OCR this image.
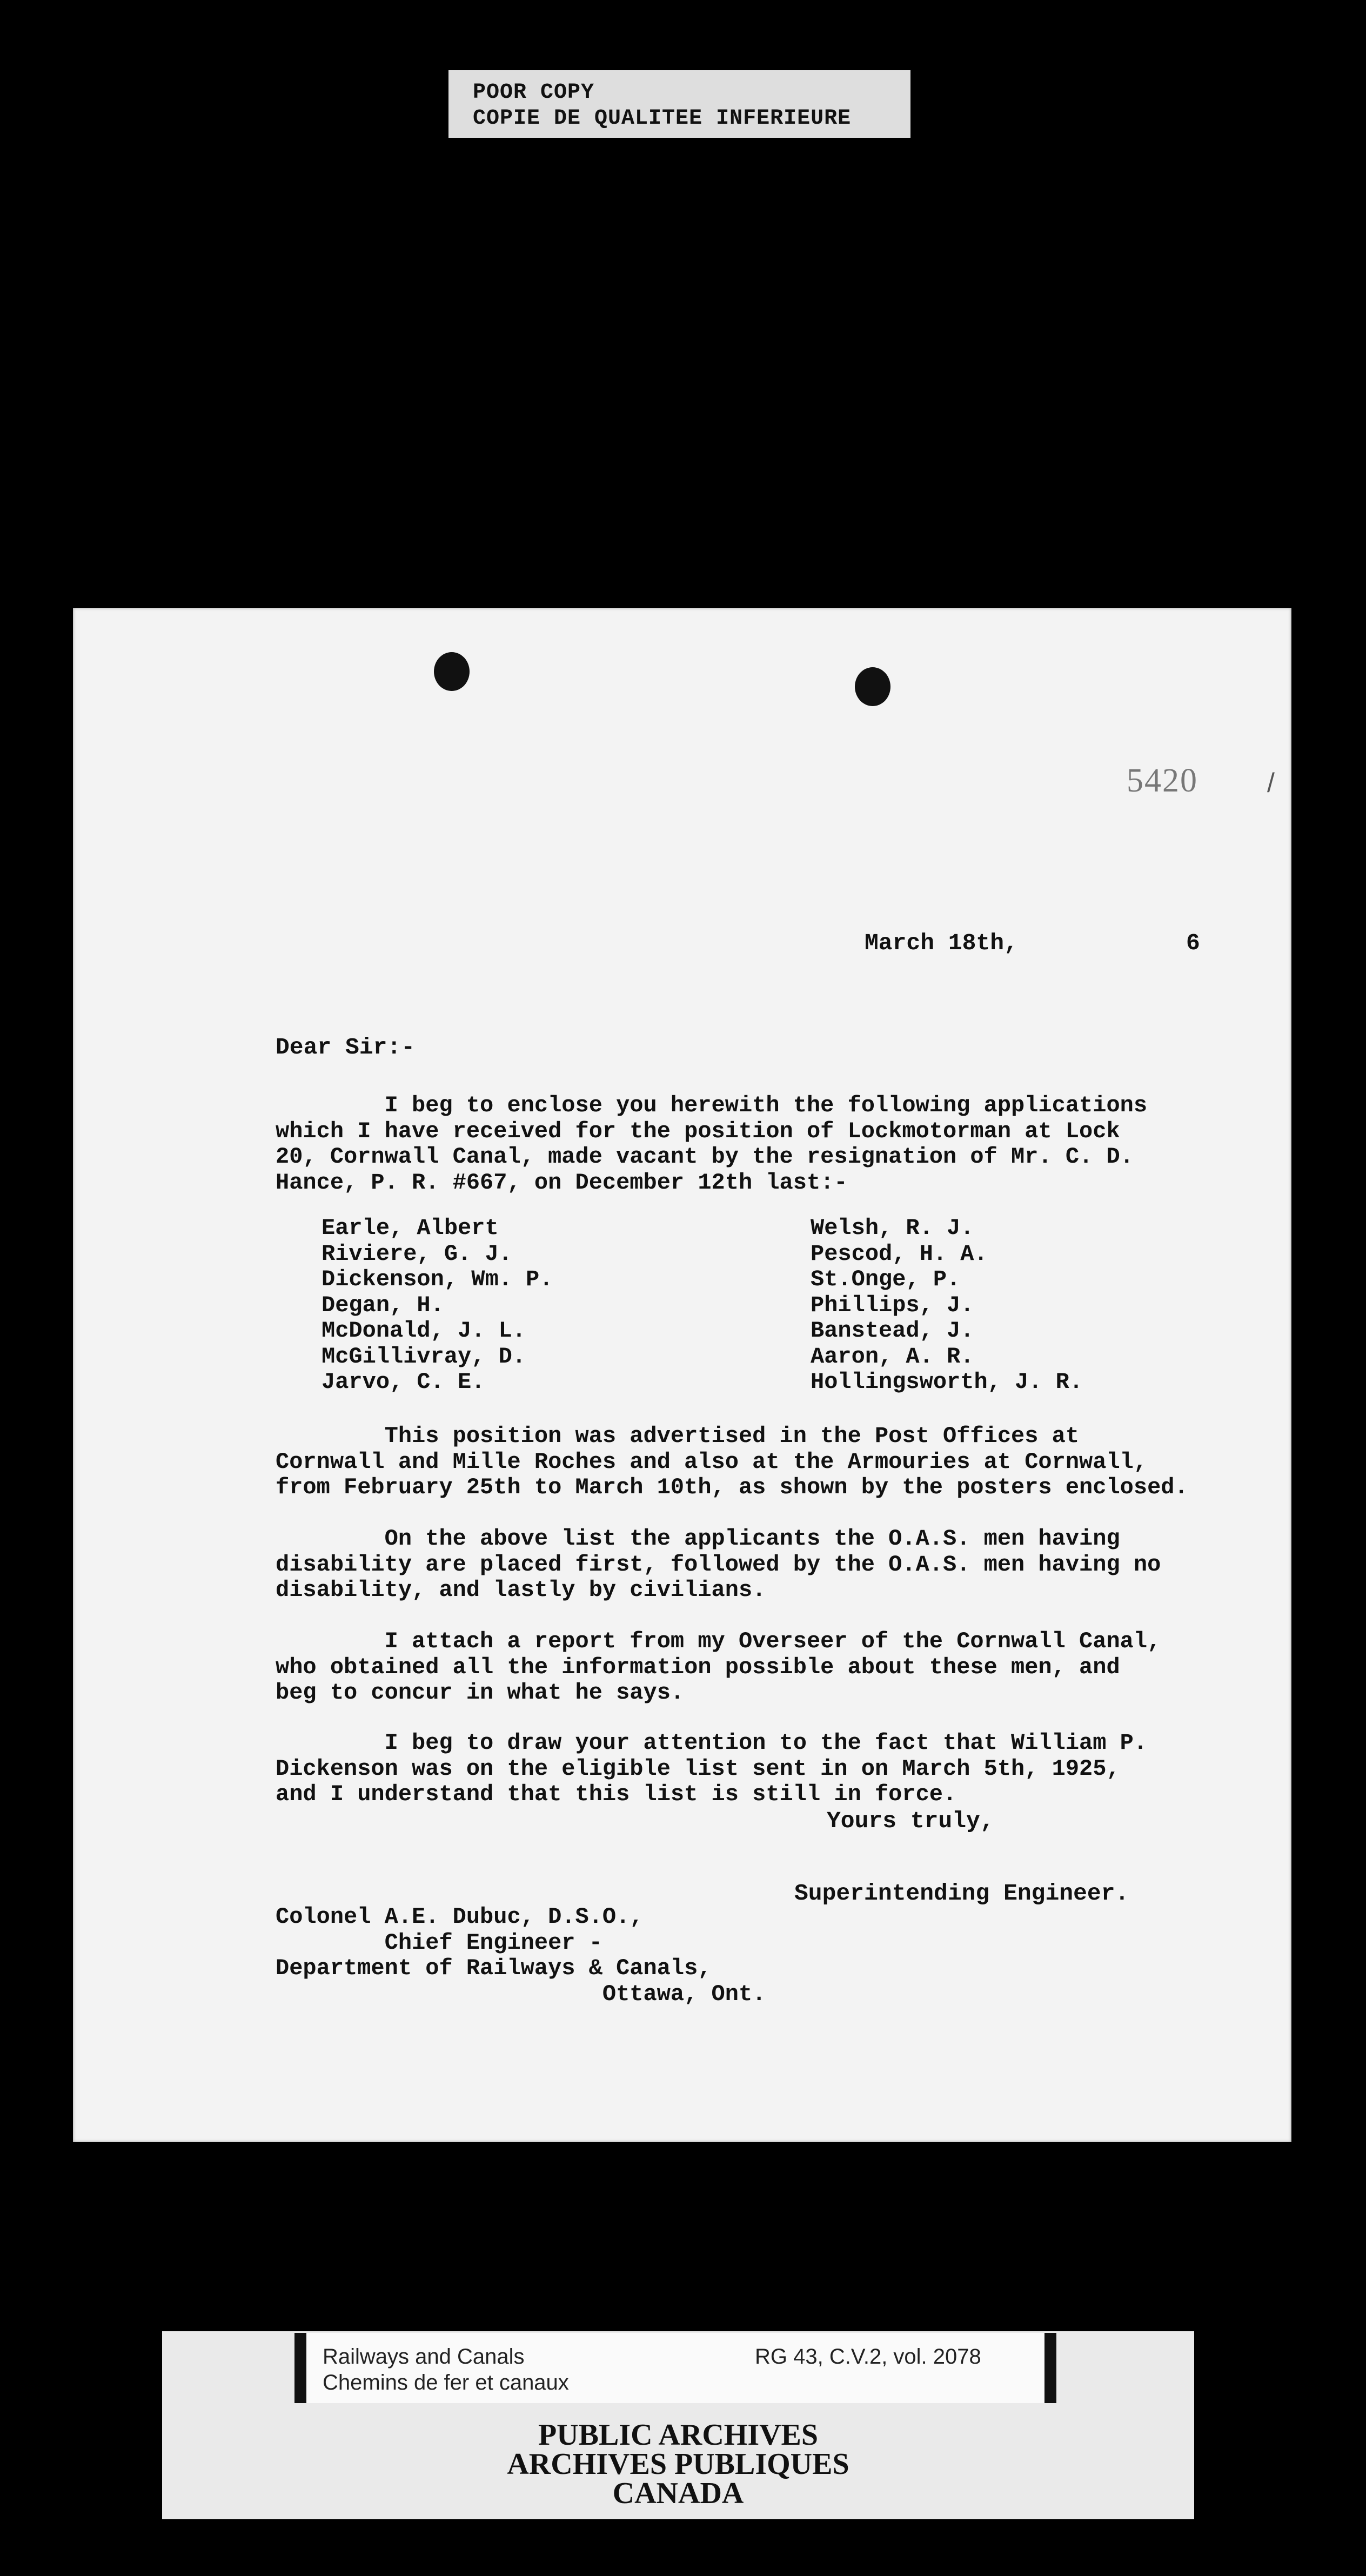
POOR COPY
COPIE DE QUALITEE INFERIEURE
5420	/
March 18th,	6
Dear Sir:-
I beg to enclose you herewith the following applications
which I have received for the position of Lockmotorman at Lock
20, Cornwall Canal, made vacant by the resignation of Mr. C. D.
Hance, P. R. #667, on December 12th last:-
Earle, Albert
Riviere, G. J.
Dickenson, Wm. P.
Degan, H.
McDonald, J. L.
McGillivray, D.
Jarvo, C. E.
Welsh, R. J.
Pescod, H. A.
St.Onge, P.
Phillips, J.
Banstead, J.
Aaron, A. R.
Hollingsworth, J. R.
This position was advertised in the Post Offices at
Cornwall and Mille Roches and also at the Armouries at Cornwall,
from February 25th to March 10th, as shown by the posters enclosed.
On the above list the applicants the O.A.S. men having
disability are placed first, followed by the O.A.S. men having no
disability, and lastly by civilians.
I attach a report from my Overseer of the Cornwall Canal,
who obtained all the information possible about these men, and
beg to concur in what he says.
I beg to draw your attention to the fact that William P.
Dickenson was on the eligible list sent in on March 5th, 1925,
and I understand that this list is still in force.
Yours truly,
Superintending Engineer.
Colonel A.E. Dubuc, D.S.O.,
Chief Engineer -
Department of Railways & Canals,
Ottawa, Ont.
Railways and Canals
Chemins de fer et canaux
RG 43, C.V.2, vol. 2078
PUBLIC ARCHIVES
ARCHIVES PUBLIQUES
CANADA
